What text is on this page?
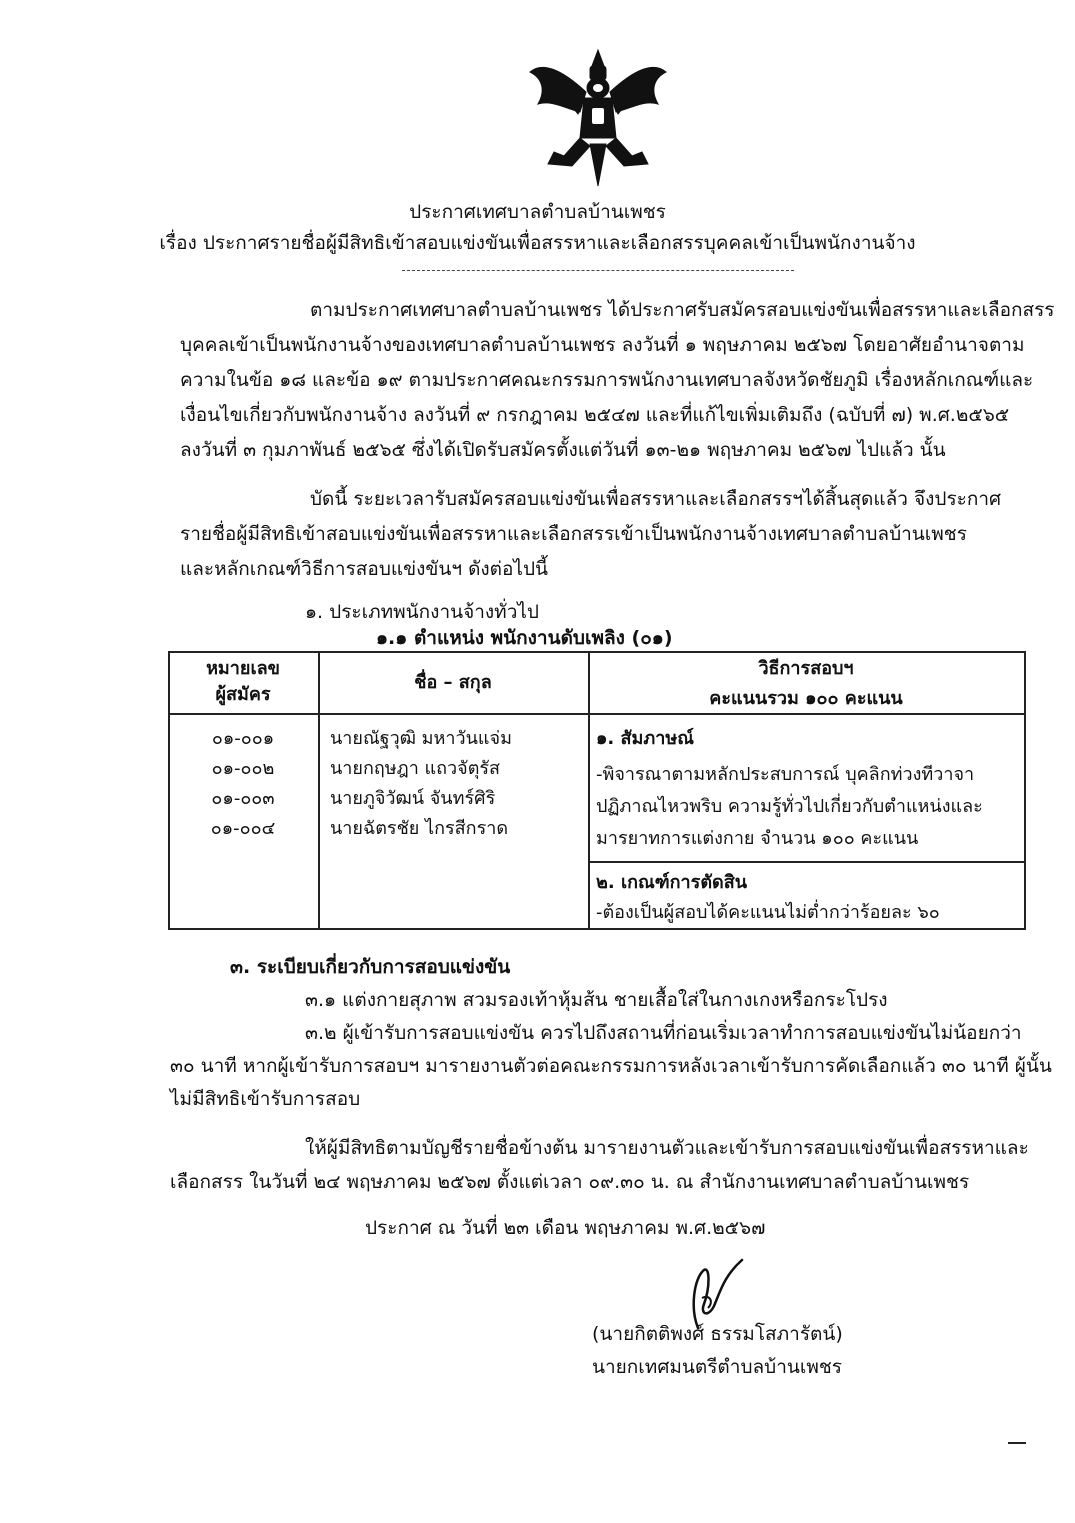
ประกาศเทศบาลตำบลบ้านเพชร
เรื่อง ประกาศรายชื่อผู้มีสิทธิเข้าสอบแข่งขันเพื่อสรรหาและเลือกสรรบุคคลเข้าเป็นพนักงานจ้าง
ตามประกาศเทศบาลตำบลบ้านเพชร ได้ประกาศรับสมัครสอบแข่งขันเพื่อสรรหาและเลือกสรร
บุคคลเข้าเป็นพนักงานจ้างของเทศบาลตำบลบ้านเพชร ลงวันที่ ๑ พฤษภาคม ๒๕๖๗ โดยอาศัยอำนาจตาม
ความในข้อ ๑๘ และข้อ ๑๙ ตามประกาศคณะกรรมการพนักงานเทศบาลจังหวัดชัยภูมิ เรื่องหลักเกณฑ์และ
เงื่อนไขเกี่ยวกับพนักงานจ้าง ลงวันที่ ๙ กรกฎาคม ๒๕๔๗ และที่แก้ไขเพิ่มเติมถึง (ฉบับที่ ๗) พ.ศ.๒๕๖๕
ลงวันที่ ๓ กุมภาพันธ์ ๒๕๖๕ ซึ่งได้เปิดรับสมัครตั้งแต่วันที่ ๑๓-๒๑ พฤษภาคม ๒๕๖๗ ไปแล้ว นั้น
บัดนี้ ระยะเวลารับสมัครสอบแข่งขันเพื่อสรรหาและเลือกสรรฯได้สิ้นสุดแล้ว จึงประกาศ
รายชื่อผู้มีสิทธิเข้าสอบแข่งขันเพื่อสรรหาและเลือกสรรเข้าเป็นพนักงานจ้างเทศบาลตำบลบ้านเพชร
และหลักเกณฑ์วิธีการสอบแข่งขันฯ ดังต่อไปนี้
๑. ประเภทพนักงานจ้างทั่วไป
๑.๑ ตำแหน่ง พนักงานดับเพลิง (๐๑)
หมายเลข
ผู้สมัคร
ชื่อ – สกุล
วิธีการสอบฯ
คะแนนรวม ๑๐๐ คะแนน
๐๑-๐๐๑
๐๑-๐๐๒
๐๑-๐๐๓
๐๑-๐๐๔
นายณัฐวุฒิ มหาวันแจ่ม
นายกฤษฎา แถวจัตุรัส
นายภูจิวัฒน์ จันทร์ศิริ
นายฉัตรชัย ไกรสีกราด
๑. สัมภาษณ์
-พิจารณาตามหลักประสบการณ์ บุคลิกท่วงทีวาจา
ปฏิภาณไหวพริบ ความรู้ทั่วไปเกี่ยวกับตำแหน่งและ
มารยาทการแต่งกาย จำนวน ๑๐๐ คะแนน
๒. เกณฑ์การตัดสิน
-ต้องเป็นผู้สอบได้คะแนนไม่ต่ำกว่าร้อยละ ๖๐
๓. ระเบียบเกี่ยวกับการสอบแข่งขัน
๓.๑ แต่งกายสุภาพ สวมรองเท้าหุ้มส้น ชายเสื้อใส่ในกางเกงหรือกระโปรง
๓.๒ ผู้เข้ารับการสอบแข่งขัน ควรไปถึงสถานที่ก่อนเริ่มเวลาทำการสอบแข่งขันไม่น้อยกว่า
๓๐ นาที หากผู้เข้ารับการสอบฯ มารายงานตัวต่อคณะกรรมการหลังเวลาเข้ารับการคัดเลือกแล้ว ๓๐ นาที ผู้นั้น
ไม่มีสิทธิเข้ารับการสอบ
ให้ผู้มีสิทธิตามบัญชีรายชื่อข้างต้น มารายงานตัวและเข้ารับการสอบแข่งขันเพื่อสรรหาและ
เลือกสรร ในวันที่ ๒๔ พฤษภาคม ๒๕๖๗ ตั้งแต่เวลา ๐๙.๓๐ น. ณ สำนักงานเทศบาลตำบลบ้านเพชร
ประกาศ ณ วันที่ ๒๓ เดือน พฤษภาคม พ.ศ.๒๕๖๗
(นายกิตติพงศ์ ธรรมโสภารัตน์)
นายกเทศมนตรีตำบลบ้านเพชร
